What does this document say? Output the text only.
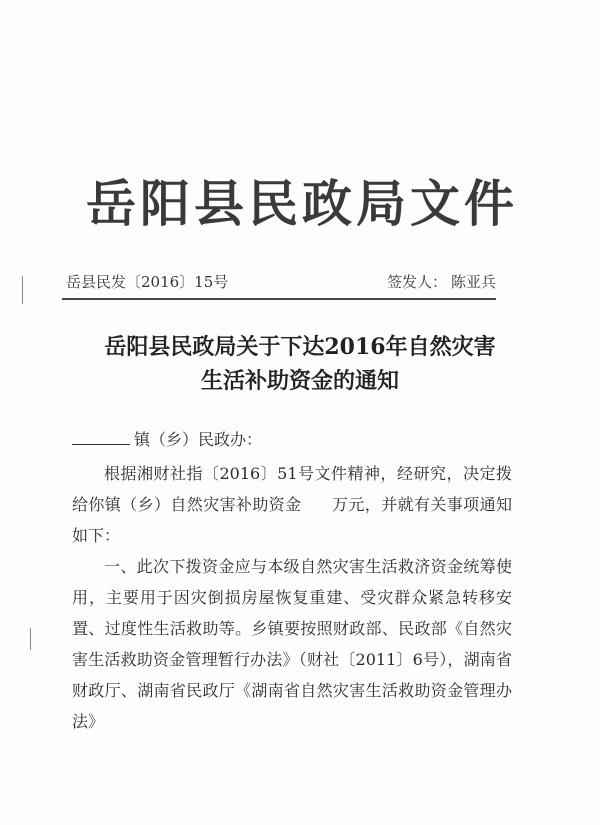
岳阳县民政局文件
岳县民发〔2016〕15号	签发人： 陈亚兵
岳阳县民政局关于下达2016年自然灾害
生活补助资金的通知
镇（乡）民政办：

根据湘财社指〔2016〕51号文件精神，经研究，决定拨给你镇（乡）自然灾害补助资金 万元，并就有关事项通知如下：

一、此次下拨资金应与本级自然灾害生活救济资金统筹使用，主要用于因灾倒损房屋恢复重建、受灾群众紧急转移安置、过度性生活救助等。乡镇要按照财政部、民政部《自然灾害生活救助资金管理暂行办法》（财社〔2011〕6号），湖南省财政厅、湖南省民政厅《湖南省自然灾害生活救助资金管理办法》
